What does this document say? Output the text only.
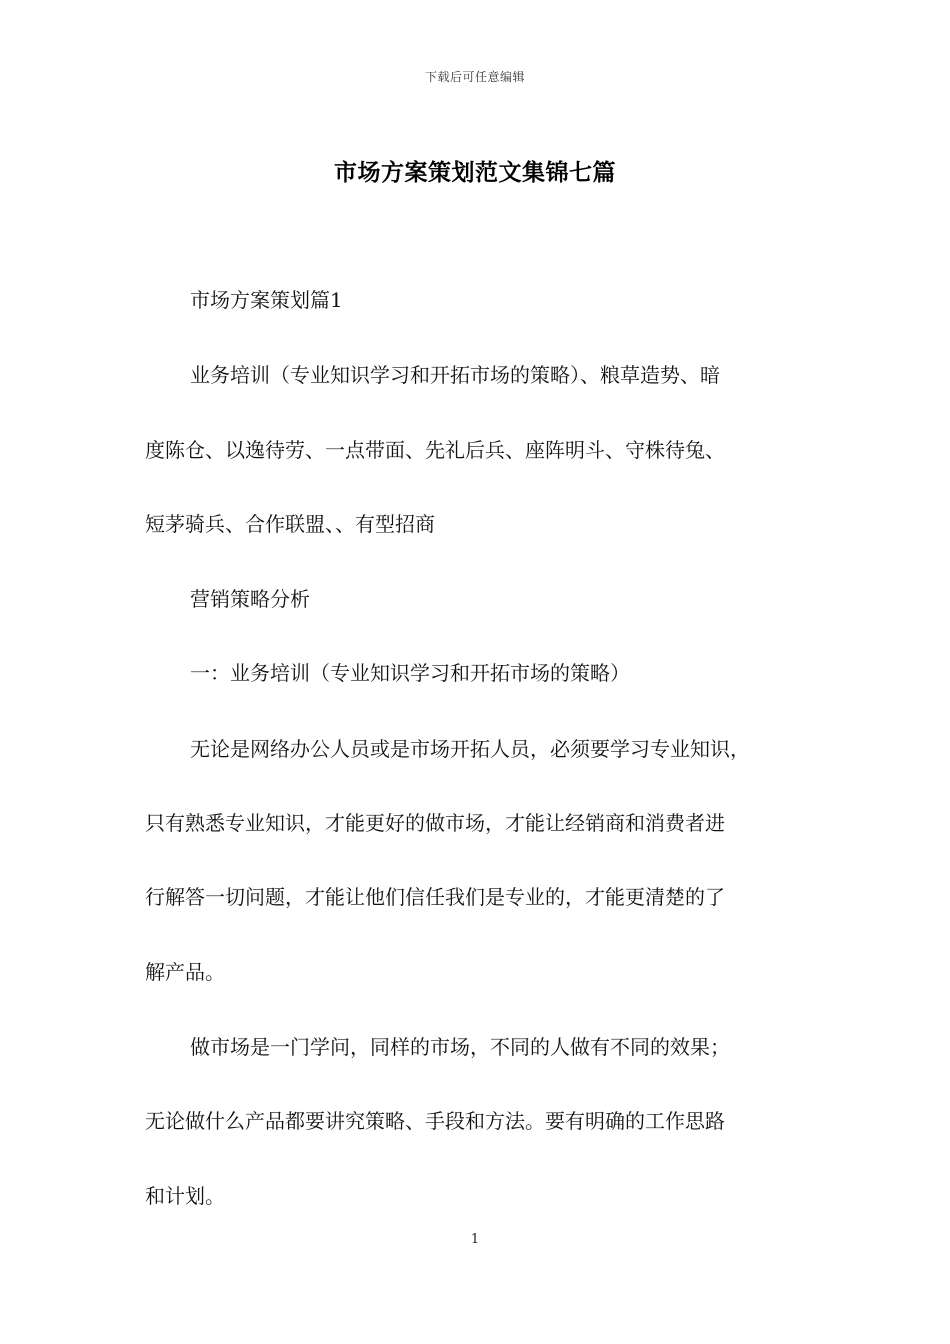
下载后可任意编辑
市场方案策划范文集锦七篇
市场方案策划篇1
业务培训（专业知识学习和开拓市场的策略）、粮草造势、暗
度陈仓、以逸待劳、一点带面、先礼后兵、座阵明斗、守株待兔、
短茅骑兵、合作联盟、、有型招商
营销策略分析
一：业务培训（专业知识学习和开拓市场的策略）
无论是网络办公人员或是市场开拓人员，必须要学习专业知识，
只有熟悉专业知识，才能更好的做市场，才能让经销商和消费者进
行解答一切问题，才能让他们信任我们是专业的，才能更清楚的了
解产品。
做市场是一门学问，同样的市场，不同的人做有不同的效果；
无论做什么产品都要讲究策略、手段和方法。要有明确的工作思路
和计划。
1
